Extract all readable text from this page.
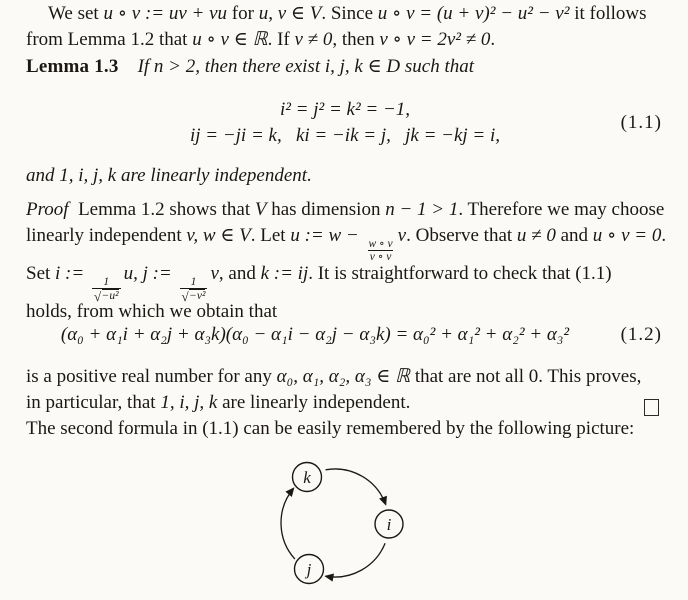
We set u ∘ v := uv + vu for u, v ∈ V. Since u ∘ v = (u + v)² − u² − v² it follows
from Lemma 1.2 that u ∘ v ∈ ℝ. If v ≠ 0, then v ∘ v = 2v² ≠ 0.
Lemma 1.3   If n > 2, then there exist i, j, k ∈ D such that
i² = j² = k² = −1,
ij = −ji = k,  ki = −ik = j,  jk = −kj = i,
(1.1)
and 1, i, j, k are linearly independent.
Proof Lemma 1.2 shows that V has dimension n − 1 > 1. Therefore we may choose
linearly independent v, w ∈ V. Let u := w −
$\frac{w \circ v}{v \circ v}$
v. Observe that u ≠ 0 and u ∘ v = 0.
Set i :=
$\frac{1}{\text{√ −u²}}$
u, j :=
$\frac{1}{\text{√ −v²}}$
v, and k := ij. It is straightforward to check that (1.1)
holds, from which we obtain that
(α₀ + α₁i + α₂j + α₃k)(α₀ − α₁i − α₂j − α₃k) = α₀² + α₁² + α₂² + α₃²	(1.2)
is a positive real number for any α₀, α₁, α₂, α₃ ∈ ℝ that are not all 0. This proves,
in particular, that 1, i, j, k are linearly independent.
The second formula in (1.1) can be easily remembered by the following picture:
k
i
j
